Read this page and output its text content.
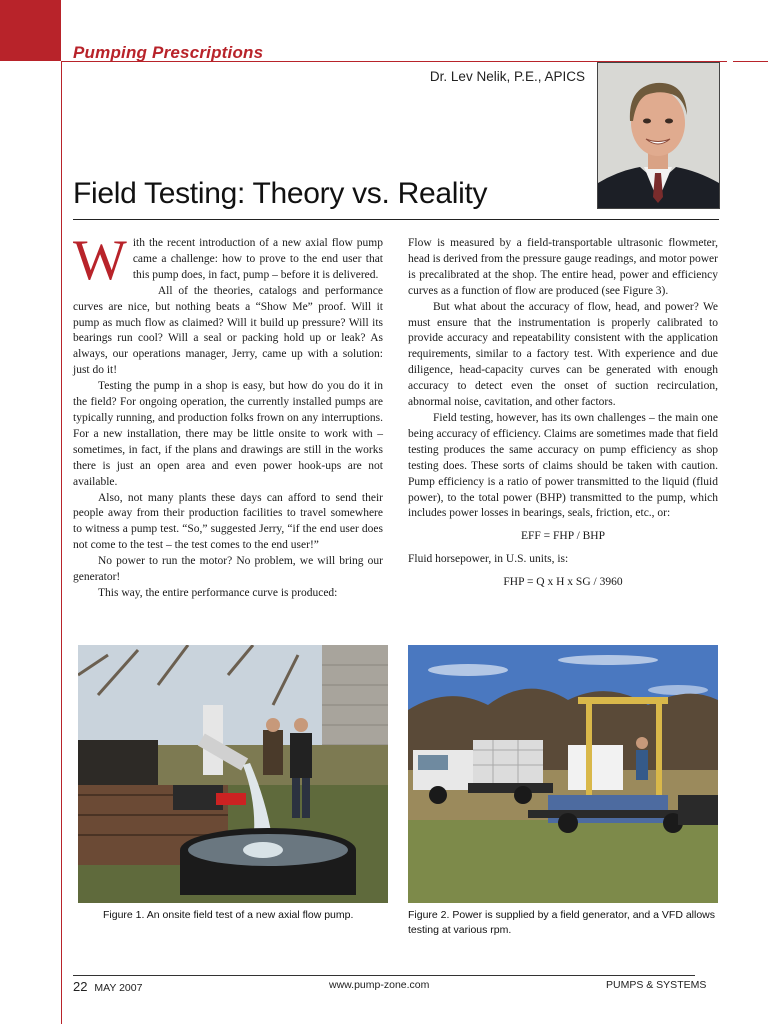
Pumping Prescriptions
Dr. Lev Nelik, P.E., APICS
Field Testing: Theory vs. Reality

With the recent introduction of a new axial flow pump came a challenge: how to prove to the end user that this pump does, in fact, pump – before it is delivered.

All of the theories, catalogs and performance curves are nice, but nothing beats a “Show Me” proof. Will it pump as much flow as claimed? Will it build up pressure? Will its bearings run cool? Will a seal or packing hold up or leak? As always, our operations manager, Jerry, came up with a solution: just do it!

Testing the pump in a shop is easy, but how do you do it in the field? For ongoing operation, the currently installed pumps are typically running, and production folks frown on any interruptions. For a new installation, there may be little onsite to work with – sometimes, in fact, if the plans and drawings are still in the works there is just an open area and even power hook-ups are not available.

Also, not many plants these days can afford to send their people away from their production facilities to travel somewhere to witness a pump test. “So,” suggested Jerry, “if the end user does not come to the test – the test comes to the end user!”

No power to run the motor? No problem, we will bring our generator!

This way, the entire performance curve is produced:

Flow is measured by a field-transportable ultrasonic flowmeter, head is derived from the pressure gauge readings, and motor power is precalibrated at the shop. The entire head, power and efficiency curves as a function of flow are produced (see Figure 3).

But what about the accuracy of flow, head, and power? We must ensure that the instrumentation is properly calibrated to provide accuracy and repeatability consistent with the application requirements, similar to a factory test. With experience and due diligence, head-capacity curves can be generated with enough accuracy to detect even the onset of suction recirculation, abnormal noise, cavitation, and other factors.

Field testing, however, has its own challenges – the main one being accuracy of efficiency. Claims are sometimes made that field testing produces the same accuracy on pump efficiency as shop testing does. These sorts of claims should be taken with caution. Pump efficiency is a ratio of power transmitted to the liquid (fluid power), to the total power (BHP) transmitted to the pump, which includes power losses in bearings, seals, friction, etc., or:

EFF = FHP / BHP

Fluid horsepower, in U.S. units, is:

FHP = Q x H x SG / 3960

Figure 1. An onsite field test of a new axial flow pump.	Figure 2. Power is supplied by a field generator, and a VFD allows testing at various rpm.
22 MAY 2007	www.pump-zone.com	PUMPS & SYSTEMS
